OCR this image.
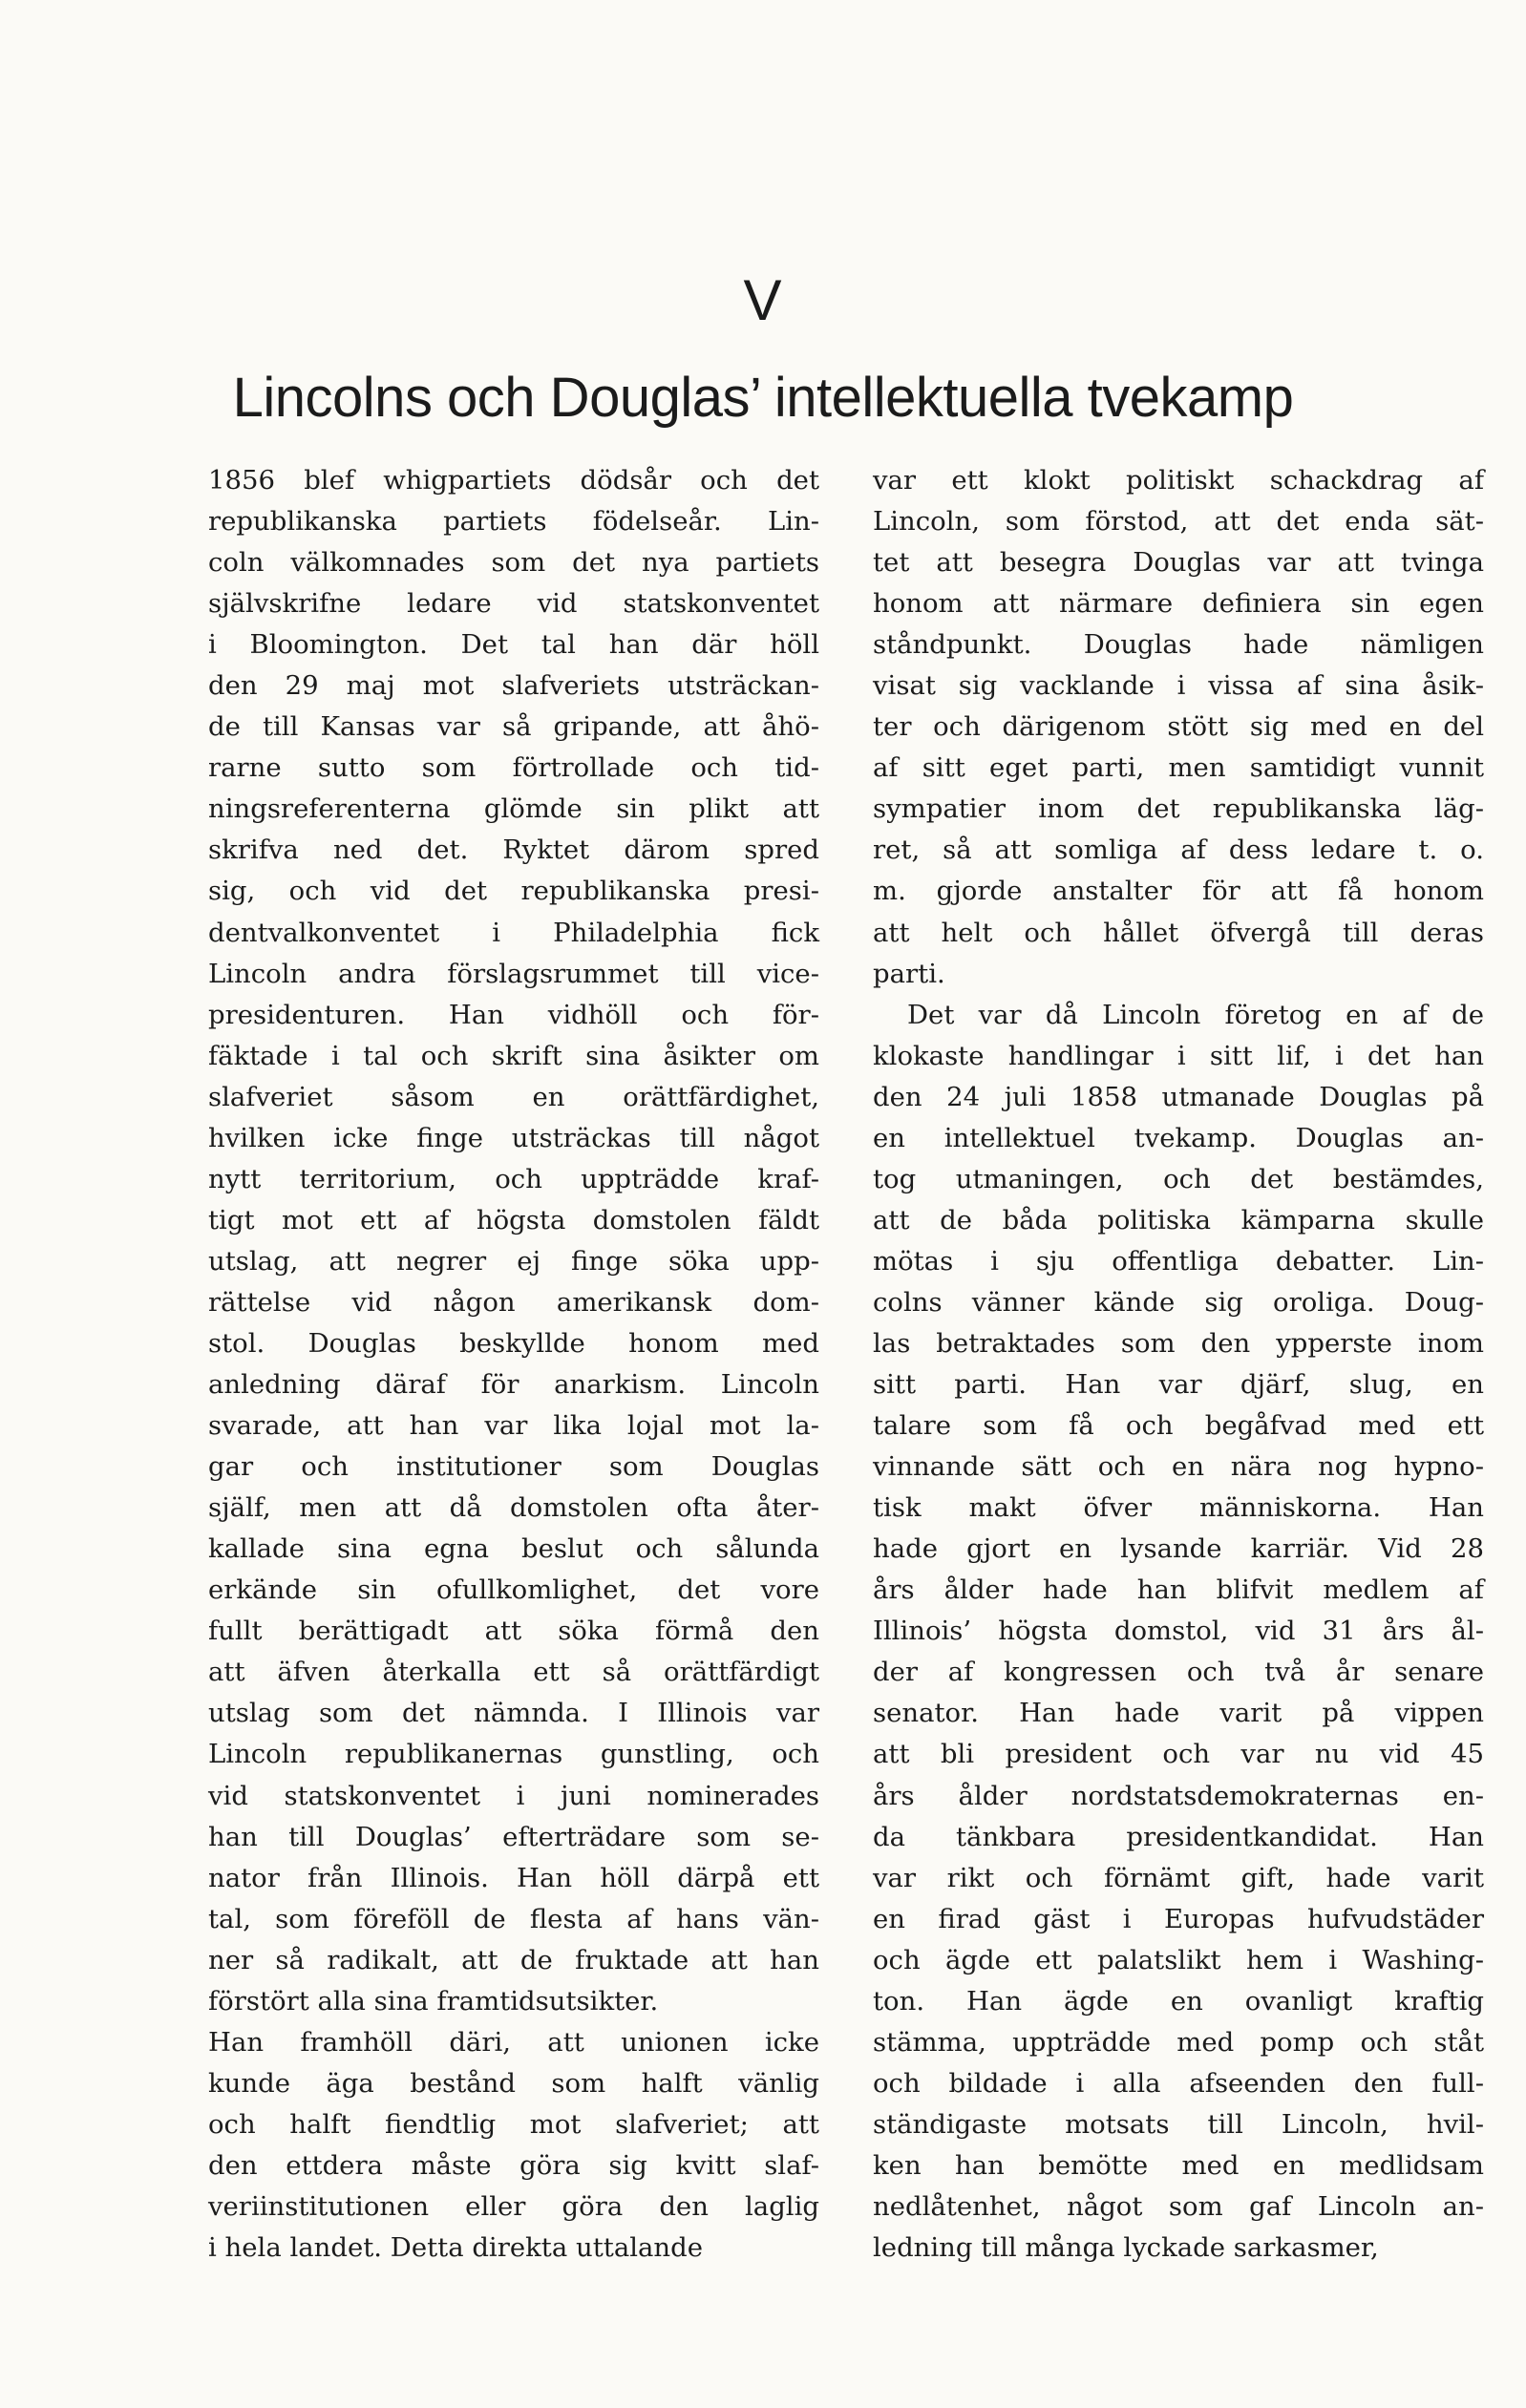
V
Lincolns och Douglas’ intellektuella tvekamp
1856 blef whigpartiets dödsår och det
republikanska partiets födelseår. Lin-
coln välkomnades som det nya partiets
självskrifne ledare vid statskonventet
i Bloomington. Det tal han där höll
den 29 maj mot slafveriets utsträckan-
de till Kansas var så gripande, att åhö-
rarne sutto som förtrollade och tid-
ningsreferenterna glömde sin plikt att
skrifva ned det. Ryktet därom spred
sig, och vid det republikanska presi-
dentvalkonventet i Philadelphia fick
Lincoln andra förslagsrummet till vice-
presidenturen. Han vidhöll och för-
fäktade i tal och skrift sina åsikter om
slafveriet såsom en orättfärdighet,
hvilken icke finge utsträckas till något
nytt territorium, och uppträdde kraf-
tigt mot ett af högsta domstolen fäldt
utslag, att negrer ej finge söka upp-
rättelse vid någon amerikansk dom-
stol. Douglas beskyllde honom med
anledning däraf för anarkism. Lincoln
svarade, att han var lika lojal mot la-
gar och institutioner som Douglas
själf, men att då domstolen ofta åter-
kallade sina egna beslut och sålunda
erkände sin ofullkomlighet, det vore
fullt berättigadt att söka förmå den
att äfven återkalla ett så orättfärdigt
utslag som det nämnda. I Illinois var
Lincoln republikanernas gunstling, och
vid statskonventet i juni nominerades
han till Douglas’ efterträdare som se-
nator från Illinois. Han höll därpå ett
tal, som föreföll de flesta af hans vän-
ner så radikalt, att de fruktade att han
förstört alla sina framtidsutsikter.
Han framhöll däri, att unionen icke
kunde äga bestånd som halft vänlig
och halft fiendtlig mot slafveriet; att
den ettdera måste göra sig kvitt slaf-
veriinstitutionen eller göra den laglig
i hela landet. Detta direkta uttalande
var ett klokt politiskt schackdrag af
Lincoln, som förstod, att det enda sät-
tet att besegra Douglas var att tvinga
honom att närmare definiera sin egen
ståndpunkt. Douglas hade nämligen
visat sig vacklande i vissa af sina åsik-
ter och därigenom stött sig med en del
af sitt eget parti, men samtidigt vunnit
sympatier inom det republikanska läg-
ret, så att somliga af dess ledare t. o.
m. gjorde anstalter för att få honom
att helt och hållet öfvergå till deras
parti.
Det var då Lincoln företog en af de
klokaste handlingar i sitt lif, i det han
den 24 juli 1858 utmanade Douglas på
en intellektuel tvekamp. Douglas an-
tog utmaningen, och det bestämdes,
att de båda politiska kämparna skulle
mötas i sju offentliga debatter. Lin-
colns vänner kände sig oroliga. Doug-
las betraktades som den ypperste inom
sitt parti. Han var djärf, slug, en
talare som få och begåfvad med ett
vinnande sätt och en nära nog hypno-
tisk makt öfver människorna. Han
hade gjort en lysande karriär. Vid 28
års ålder hade han blifvit medlem af
Illinois’ högsta domstol, vid 31 års ål-
der af kongressen och två år senare
senator. Han hade varit på vippen
att bli president och var nu vid 45
års ålder nordstatsdemokraternas en-
da tänkbara presidentkandidat. Han
var rikt och förnämt gift, hade varit
en firad gäst i Europas hufvudstäder
och ägde ett palatslikt hem i Washing-
ton. Han ägde en ovanligt kraftig
stämma, uppträdde med pomp och ståt
och bildade i alla afseenden den full-
ständigaste motsats till Lincoln, hvil-
ken han bemötte med en medlidsam
nedlåtenhet, något som gaf Lincoln an-
ledning till många lyckade sarkasmer,
